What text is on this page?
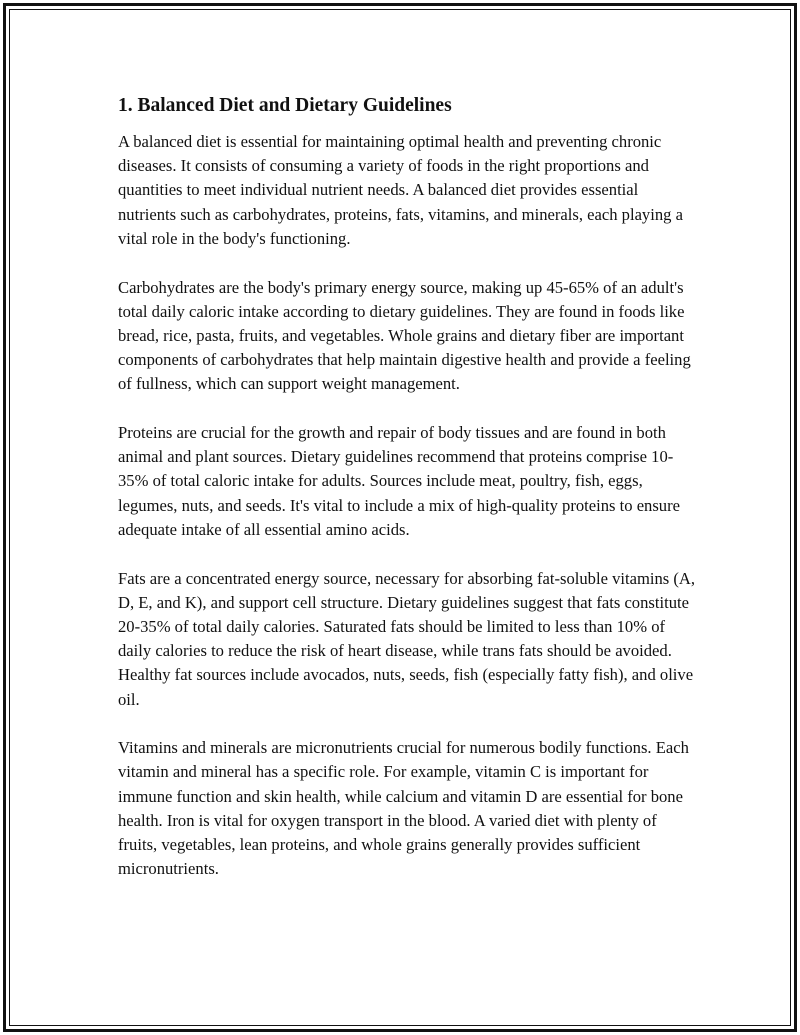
1. Balanced Diet and Dietary Guidelines

A balanced diet is essential for maintaining optimal health and preventing chronic diseases. It consists of consuming a variety of foods in the right proportions and quantities to meet individual nutrient needs. A balanced diet provides essential nutrients such as carbohydrates, proteins, fats, vitamins, and minerals, each playing a vital role in the body's functioning.

Carbohydrates are the body's primary energy source, making up 45-65% of an adult's total daily caloric intake according to dietary guidelines. They are found in foods like bread, rice, pasta, fruits, and vegetables. Whole grains and dietary fiber are important components of carbohydrates that help maintain digestive health and provide a feeling of fullness, which can support weight management.

Proteins are crucial for the growth and repair of body tissues and are found in both animal and plant sources. Dietary guidelines recommend that proteins comprise 10-35% of total caloric intake for adults. Sources include meat, poultry, fish, eggs, legumes, nuts, and seeds. It's vital to include a mix of high-quality proteins to ensure adequate intake of all essential amino acids.

Fats are a concentrated energy source, necessary for absorbing fat-soluble vitamins (A, D, E, and K), and support cell structure. Dietary guidelines suggest that fats constitute 20-35% of total daily calories. Saturated fats should be limited to less than 10% of daily calories to reduce the risk of heart disease, while trans fats should be avoided. Healthy fat sources include avocados, nuts, seeds, fish (especially fatty fish), and olive oil.

Vitamins and minerals are micronutrients crucial for numerous bodily functions. Each vitamin and mineral has a specific role. For example, vitamin C is important for immune function and skin health, while calcium and vitamin D are essential for bone health. Iron is vital for oxygen transport in the blood. A varied diet with plenty of fruits, vegetables, lean proteins, and whole grains generally provides sufficient micronutrients.
